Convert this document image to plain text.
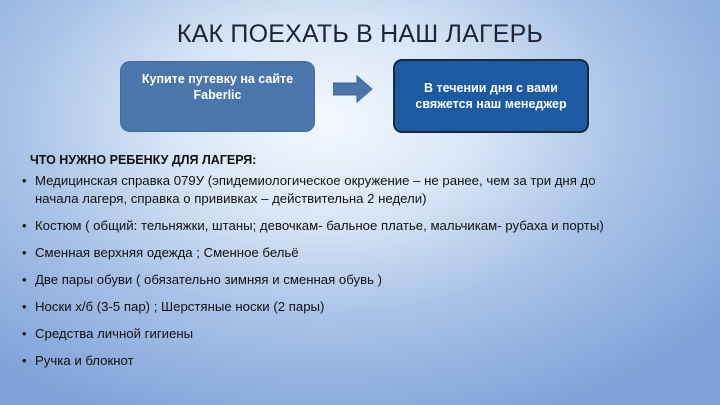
КАК ПОЕХАТЬ В НАШ ЛАГЕРЬ
Купите путевку на сайте
Faberlic	В течении дня с вами
свяжется наш менеджер
ЧТО НУЖНО РЕБЕНКУ ДЛЯ ЛАГЕРЯ:
• Медицинская справка 079У (эпидемиологическое окружение – не ранее, чем за три дня до
начала лагеря, справка о прививках – действительна 2 недели)
• Костюм ( общий: тельняжки, штаны; девочкам- бальное платье, мальчикам- рубаха и порты)
• Сменная верхняя одежда ; Сменное бельё
• Две пары обуви ( обязательно зимняя и сменная обувь )
• Носки х/б (3-5 пар) ; Шерстяные носки (2 пары)
• Средства личной гигиены
• Ручка и блокнот
